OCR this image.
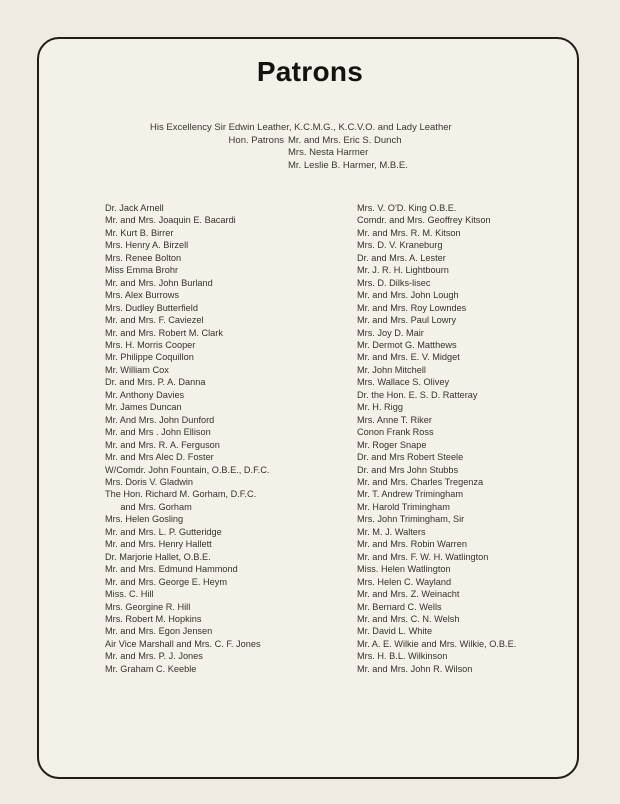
Patrons
His Excellency Sir Edwin Leather, K.C.M.G., K.C.V.O. and Lady Leather
Hon. Patrons Mr. and Mrs. Eric S. Dunch
Mrs. Nesta Harmer
Mr. Leslie B. Harmer, M.B.E.
Dr. Jack Arnell
Mr. and Mrs. Joaquin E. Bacardi
Mr. Kurt B. Birrer
Mrs. Henry A. Birzell
Mrs. Renee Bolton
Miss Emma Brohr
Mr. and Mrs. John Burland
Mrs. Alex Burrows
Mrs. Dudley Butterfield
Mr. and Mrs. F. Caviezel
Mr. and Mrs. Robert M. Clark
Mrs. H. Morris Cooper
Mr. Philippe Coquillon
Mr. William Cox
Dr. and Mrs. P. A. Danna
Mr. Anthony Davies
Mr. James Duncan
Mr. And Mrs. John Dunford
Mr. and Mrs . John Ellison
Mr. and Mrs. R. A. Ferguson
Mr. and Mrs Alec D. Foster
W/Comdr. John Fountain, O.B.E., D.F.C.
Mrs. Doris V. Gladwin
The Hon. Richard M. Gorham, D.F.C.
and Mrs. Gorham
Mrs. Helen Gosling
Mr. and Mrs. L. P. Gutteridge
Mr. and Mrs. Henry Hallett
Dr. Marjorie Hallet, O.B.E.
Mr. and Mrs. Edmund Hammond
Mr. and Mrs. George E. Heym
Miss. C. Hill
Mrs. Georgine R. Hill
Mrs. Robert M. Hopkins
Mr. and Mrs. Egon Jensen
Air Vice Marshall and Mrs. C. F. Jones
Mr. and Mrs. P. J. Jones
Mr. Graham C. Keeble
Mrs. V. O'D. King O.B.E.
Comdr. and Mrs. Geoffrey Kitson
Mr. and Mrs. R. M. Kitson
Mrs. D. V. Kraneburg
Dr. and Mrs. A. Lester
Mr. J. R. H. Lightbourn
Mrs. D. Dilks-lisec
Mr. and Mrs. John Lough
Mr. and Mrs. Roy Lowndes
Mr. and Mrs. Paul Lowry
Mrs. Joy D. Mair
Mr. Dermot G. Matthews
Mr. and Mrs. E. V. Midget
Mr. John Mitchell
Mrs. Wallace S. Olivey
Dr. the Hon. E. S. D. Ratteray
Mr. H. Rigg
Mrs. Anne T. Riker
Conon Frank Ross
Mr. Roger Snape
Dr. and Mrs Robert Steele
Dr. and Mrs John Stubbs
Mr. and Mrs. Charles Tregenza
Mr. T. Andrew Trimingham
Mr. Harold Trimingham
Mrs. John Trimingham, Sir
Mr. M. J. Walters
Mr. and Mrs. Robin Warren
Mr. and Mrs. F. W. H. Watlington
Miss. Helen Watlington
Mrs. Helen C. Wayland
Mr. and Mrs. Z. Weinacht
Mr. Bernard C. Wells
Mr. and Mrs. C. N. Welsh
Mr. David L. White
Mr. A. E. Wilkie and Mrs. Wilkie, O.B.E.
Mrs. H. B.L. Wilkinson
Mr. and Mrs. John R. Wilson
